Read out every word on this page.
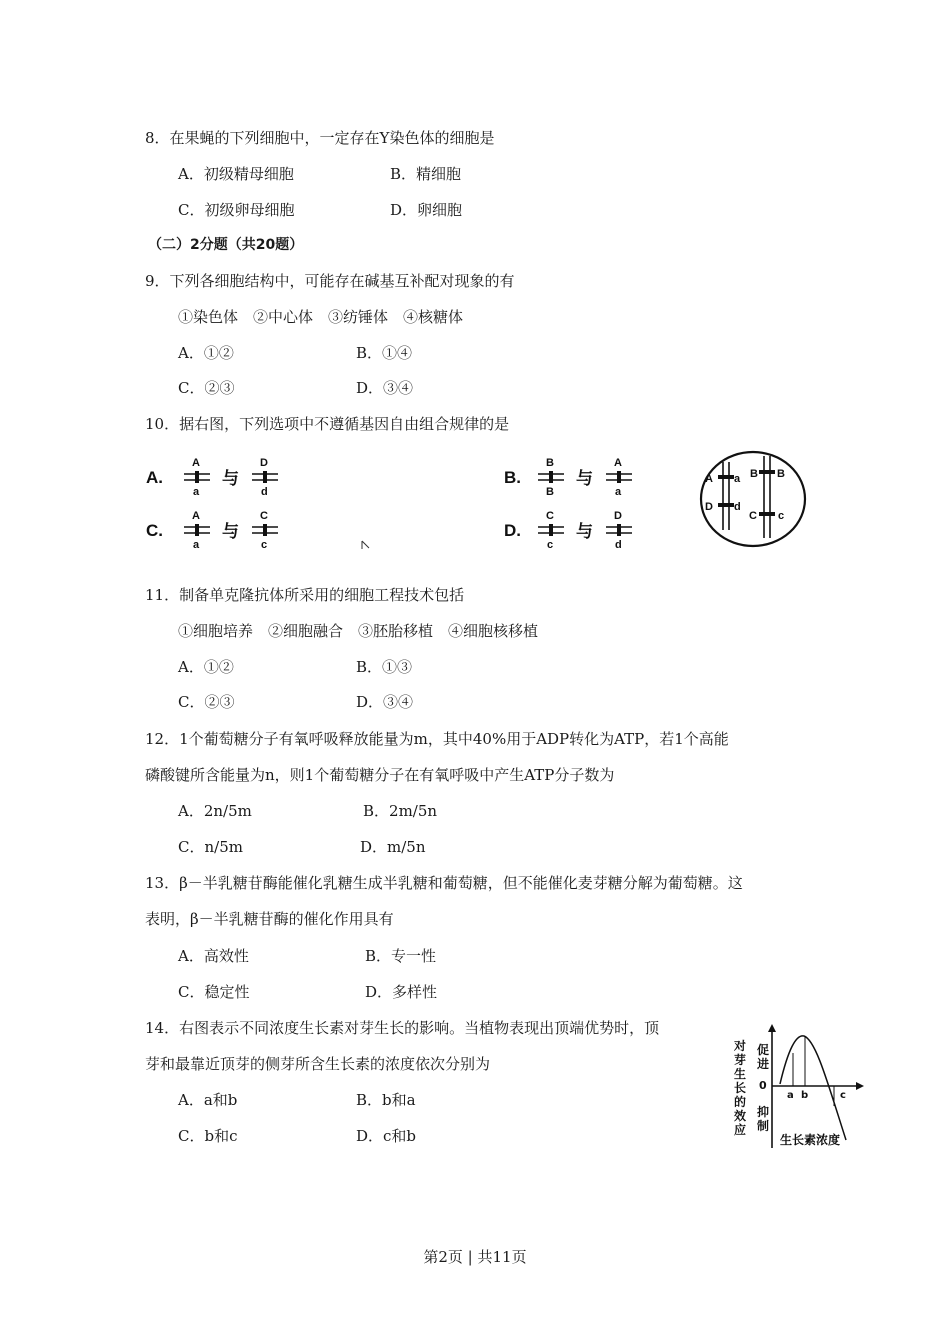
8．在果蝇的下列细胞中，一定存在Y染色体的细胞是
A．初级精母细胞	B．精细胞
C．初级卵母细胞	D．卵细胞
（二）2分题（共20题）
9．下列各细胞结构中，可能存在碱基互补配对现象的有
①染色体　②中心体　③纺锤体　④核糖体
A．①②	B．①④
C．②③	D．③④
10．据右图，下列选项中不遵循基因自由组合规律的是
A.
A
a
与
D
d
C.
A
a
与
C
c
B.
B
B
与
A
a
D.
C
c
与
D
d
A a
D d
B B
C c
11．制备单克隆抗体所采用的细胞工程技术包括
①细胞培养　②细胞融合　③胚胎移植　④细胞核移植
A．①②	B．①③
C．②③	D．③④
12．1个葡萄糖分子有氧呼吸释放能量为m，其中40%用于ADP转化为ATP，若1个高能
磷酸键所含能量为n，则1个葡萄糖分子在有氧呼吸中产生ATP分子数为
A．2n/5m	B．2m/5n
C．n/5m	D．m/5n
13．β－半乳糖苷酶能催化乳糖生成半乳糖和葡萄糖，但不能催化麦芽糖分解为葡萄糖。这
表明，β－半乳糖苷酶的催化作用具有
A．高效性	B．专一性
C．稳定性	D．多样性
14．右图表示不同浓度生长素对芽生长的影响。当植物表现出顶端优势时，顶
芽和最靠近顶芽的侧芽所含生长素的浓度依次分别为
A．a和b	B．b和a
C．b和c	D．c和b
对
芽
生
长
的
效
应
促
进
抑
制
0
生长素浓度
a b	c
第2页 | 共11页
